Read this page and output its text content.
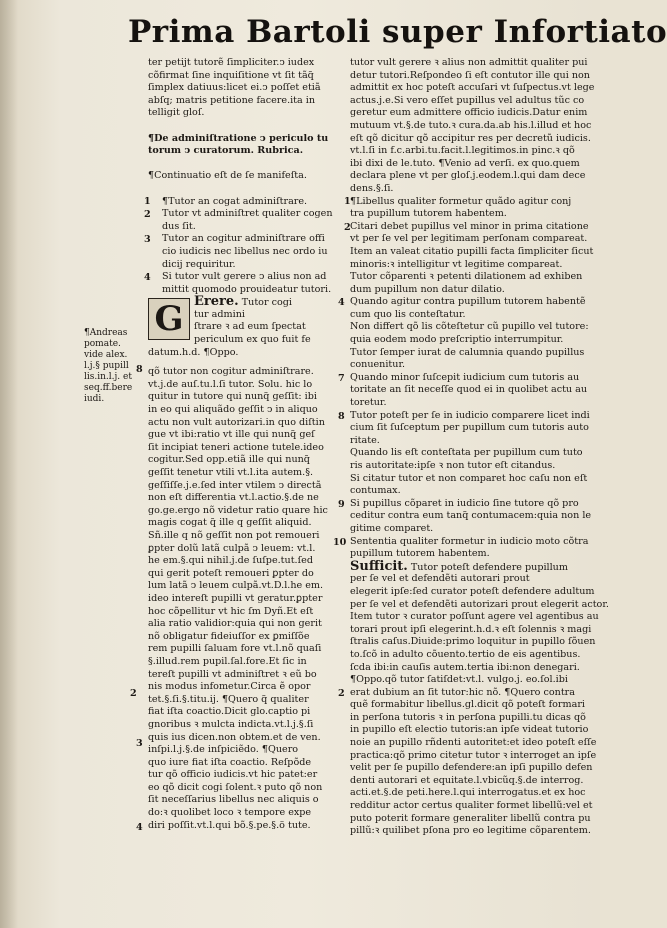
Prima Bartoli super Infortiato
¶Andreas
pomate.
vide alex.
l.j.§ pupill
lis.in.l.j. et
seq.ff.bere
iudi.
1
2
3
4
8
3
4
2
1
2
4
7
8
9
10
2
ter petijt tutorẽ ſimpliciter.ↄ iudex
cõfirmat ſine inquiſitione vt ſit tãq̃
ſimplex datiuus:licet ei.ↄ poſſet etiã
abſq; matris petitione facere.ita in
telligit gloſ.
¶De adminiſtratione ↄ periculo tu
torum ↄ curatorum. Rubrica.
¶Continuatio eſt de ſe manifeſta.
¶Tutor an cogat adminiſtrare.
Tutor vt adminiſtret qualiter cogen
dus ſit.
Tutor an cogitur adminiſtrare offi
cio iudicis nec libellus nec ordo iu
dicij requiritur.
Si tutor vult gerere ↄ alius non ad
mittit quomodo prouideatur tutori.
G Erere. Tutor cogi
tur admini
ſtrare ꝛ ad eum ſpectat
periculum ex quo fuit fe
datum.h.d. ¶Oppo.
qõ tutor non cogitur adminiſtrare.
vt.j.de auſ.tu.l.ſi tutor. Solu. hic lo
quitur in tutore qui nunq̃ geſſit: ibi
in eo qui aliquãdo geſſit ↄ in aliquo
actu non vult autorizari.in quo diſtin
gue vt ibi:ratio vt ille qui nunq̃ geſ
ſit incipiat teneri actione tutele.ideo
cogitur.Sed opp.etiã ille qui nunq̃
geſſit tenetur vtili vt.l.ita autem.§.
geſſiſſe.j.e.ſed inter vtilem ↄ directã
non eſt differentia vt.l.actio.§.de ne
go.ge.ergo nõ videtur ratio quare hic
magis cogat q̃ ille q geſſit aliquid.
Sñ.ille q nõ geſſit non pot remoueri
ꝑpter dolũ latã culpã ↄ leuem: vt.l.
he em.§.qui nihil.j.de ſuſpe.tut.ſed
qui gerit poteſt remoueri ꝑpter do
lum latã ↄ leuem culpã.vt.D.l.he em.
ideo intereſt pupilli vt geratur.ꝑpter
hoc cõpellitur vt hic ſm Dyñ.Et eſt
alia ratio validior:quia qui non gerit
nõ obligatur fideiuſſor ex ꝑmiſſõe
rem pupilli ſaluam fore vt.l.nõ quaſi
§.illud.rem pupil.ſal.fore.Et ſic in
tereſt pupilli vt adminiſtret ꝛ eũ bo
nis modus infometur.Circa ẽ opor
tet.§.ſi.§.titu.ij. ¶Quero q̃ qualiter
fiat iſta coactio.Dicit glo.captio pi
gnoribus ꝛ mulcta indicta.vt.l.j.§.ſi
quis ius dicen.non obtem.et de ven.
inſpi.l.j.§.de inſpiciẽdo. ¶Quero
quo iure fiat iſta coactio. Reſpõde
tur qõ officio iudicis.vt hic patet:er
eo qõ dicit cogi ſolent.ꝛ puto qõ non
ſit neceſſarius libellus nec aliquis o
do:ꝛ quolibet loco ꝛ tempore expe
diri poſſit.vt.l.qui bõ.§.pe.§.ö tute.
tutor vult gerere ꝛ alius non admittit qualiter pui
detur tutori.Reſpondeo ſi eſt contutor ille qui non
admittit ex hoc poteſt accuſari vt ſuſpectus.vt lege
actus.j.e.Si vero eſſet pupillus vel adultus tũc co
geretur eum admittere officio iudicis.Datur enim
mutuum vt.§.de tuto.ꝛ cura.da.ab his.l.illud et hoc
eſt qõ dicitur qõ accipitur res per decretũ iudicis.
vt.l.ſi in f.c.arbi.tu.facit.l.legitimos.in pinc.ꝛ qõ
ibi dixi de le.tuto. ¶Venio ad verſi. ex quo.quem
declara plene vt per gloſ.j.eodem.l.qui dam dece
dens.§.ſi.
¶Libellus qualiter formetur quãdo agitur conj
tra pupillum tutorem habentem.
Citari debet pupillus vel minor in prima citatione
vt per ſe vel per legitimam perſonam compareat.
Item an valeat citatio pupilli facta ſimpliciter ſicut
minoris:ꝛ intelligitur vt legitime compareat.
Tutor cõparenti ꝛ petenti dilationem ad exhiben
dum pupillum non datur dilatio.
Quando agitur contra pupillum tutorem habentẽ
cum quo lis conteſtatur.
Non differt qõ lis cõteſtetur cũ pupillo vel tutore:
quia eodem modo preſcriptio interrumpitur.
Tutor ſemper iurat de calumnia quando pupillus
conuenitur.
Quando minor ſuſcepit iudicium cum tutoris au
toritate an ſit neceſſe quod ei in quolibet actu au
toretur.
Tutor poteſt per ſe in iudicio comparere licet indi
cium ſit ſuſceptum per pupillum cum tutoris auto
ritate.
Quando lis eſt conteſtata per pupillum cum tuto
ris autoritate:ipſe ꝛ non tutor eſt citandus.
Si citatur tutor et non comparet hoc caſu non eſt
contumax.
Si pupillus cõparet in iudicio ſine tutore qõ pro
ceditur contra eum tanq̃ contumacem:quia non le
gitime comparet.
Sententia qualiter formetur in iudicio moto cõtra
pupillum tutorem habentem.
Sufficit. Tutor poteſt defendere pupillum
per ſe vel et defendẽti autorari prout
elegerit ipſe:ſed curator poteſt defendere adultum
per ſe vel et defendẽti autorizari prout elegerit actor.
Item tutor ꝛ curator poſſunt agere vel agentibus au
torari prout ipſi elegerint.h.d.ꝛ eſt ſolennis ꝛ magi
ſtralis caſus.Diuide:primo loquitur in pupillo ſõuen
to.ſcõ in adulto cõuento.tertio de eis agentibus.
ſcda ibi:in cauſis autem.tertia ibi:non denegari.
¶Oppo.qõ tutor ſatiſdet:vt.l. vulgo.j. eo.ſol.ibi
erat dubium an ſit tutor:hic nõ. ¶Quero contra
quẽ formabitur libellus.gl.dicit qõ poteſt formari
in perſona tutoris ꝛ in perſona pupilli.tu dicas qõ
in pupillo eſt electio tutoris:an ipſe videat tutorio
noie an pupillo rñdenti autoritet:et ideo poteſt eſſe
practica:qõ primo citetur tutor ꝛ interroget an ipſe
velit per ſe pupillo defendere:an ipſi pupillo defen
denti autorari et equitate.l.vbicũq.§.de interrog.
acti.et.§.de peti.here.l.qui interrogatus.et ex hoc
redditur actor certus qualiter formet libellũ:vel et
puto poterit formare generaliter libellũ contra pu
pillũ:ꝛ quilibet pſona pro eo legitime cõparentem.
